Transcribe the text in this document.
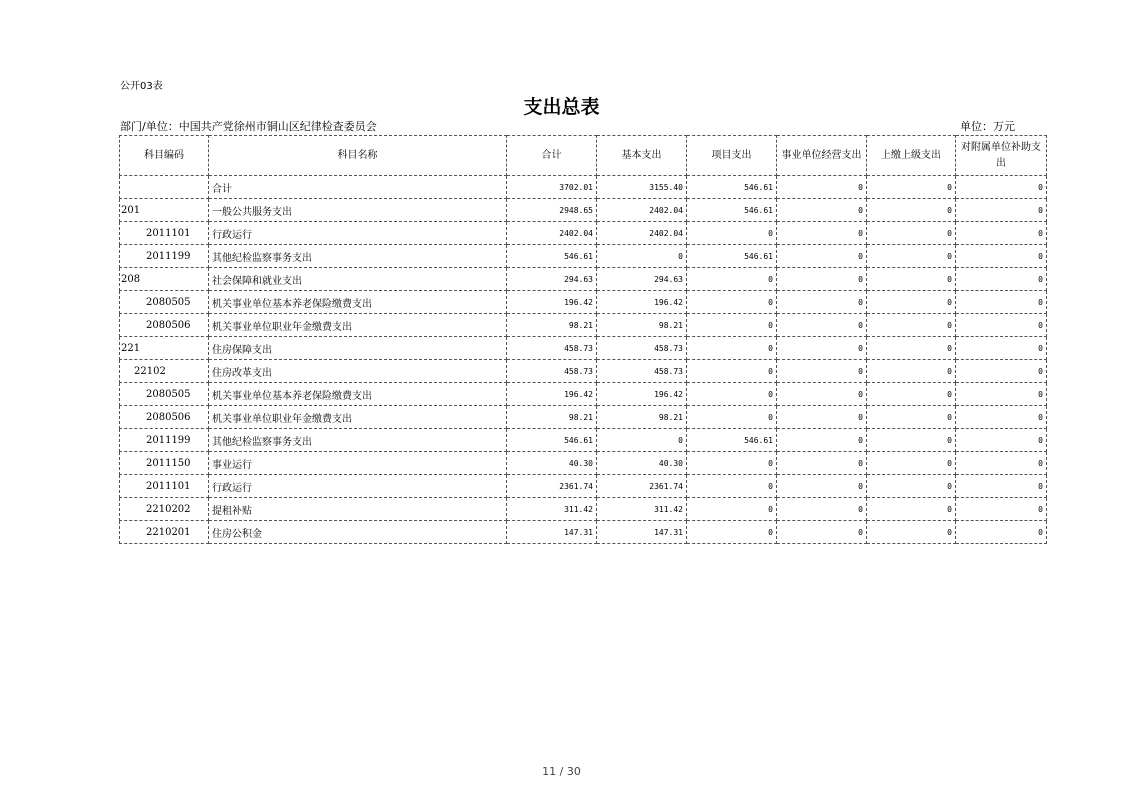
公开03表
支出总表
部门/单位：中国共产党徐州市铜山区纪律检查委员会	单位：万元
科目编码	科目名称	合计	基本支出	项目支出	事业单位经营支出	上缴上级支出	对附属单位补助支出
	合计	3702.01	3155.40	546.61	0	0	0
201	一般公共服务支出	2948.65	2402.04	546.61	0	0	0
2011101	行政运行	2402.04	2402.04	0	0	0	0
2011199	其他纪检监察事务支出	546.61	0	546.61	0	0	0
208	社会保障和就业支出	294.63	294.63	0	0	0	0
2080505	机关事业单位基本养老保险缴费支出	196.42	196.42	0	0	0	0
2080506	机关事业单位职业年金缴费支出	98.21	98.21	0	0	0	0
221	住房保障支出	458.73	458.73	0	0	0	0
22102	住房改革支出	458.73	458.73	0	0	0	0
2080505	机关事业单位基本养老保险缴费支出	196.42	196.42	0	0	0	0
2080506	机关事业单位职业年金缴费支出	98.21	98.21	0	0	0	0
2011199	其他纪检监察事务支出	546.61	0	546.61	0	0	0
2011150	事业运行	40.30	40.30	0	0	0	0
2011101	行政运行	2361.74	2361.74	0	0	0	0
2210202	提租补贴	311.42	311.42	0	0	0	0
2210201	住房公积金	147.31	147.31	0	0	0	0
11 / 30
